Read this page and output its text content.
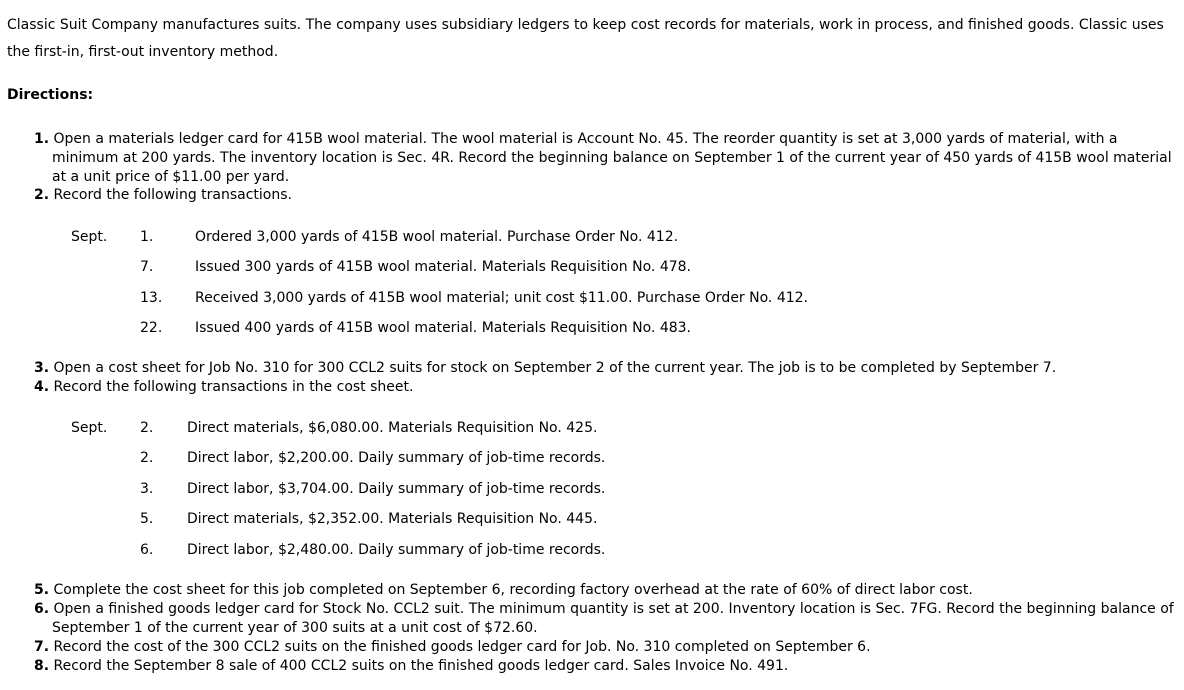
Classic Suit Company manufactures suits. The company uses subsidiary ledgers to keep cost records for materials, work in process, and finished goods. Classic uses the first-in, first-out inventory method.
Directions:
1. Open a materials ledger card for 415B wool material. The wool material is Account No. 45. The reorder quantity is set at 3,000 yards of material, with a minimum at 200 yards. The inventory location is Sec. 4R. Record the beginning balance on September 1 of the current year of 450 yards of 415B wool material at a unit price of $11.00 per yard.
2. Record the following transactions.
Sept.	1.	Ordered 3,000 yards of 415B wool material. Purchase Order No. 412.
	7.	Issued 300 yards of 415B wool material. Materials Requisition No. 478.
	13.	Received 3,000 yards of 415B wool material; unit cost $11.00. Purchase Order No. 412.
	22.	Issued 400 yards of 415B wool material. Materials Requisition No. 483.
3. Open a cost sheet for Job No. 310 for 300 CCL2 suits for stock on September 2 of the current year. The job is to be completed by September 7.
4. Record the following transactions in the cost sheet.
Sept.	2.	Direct materials, $6,080.00. Materials Requisition No. 425.
	2.	Direct labor, $2,200.00. Daily summary of job-time records.
	3.	Direct labor, $3,704.00. Daily summary of job-time records.
	5.	Direct materials, $2,352.00. Materials Requisition No. 445.
	6.	Direct labor, $2,480.00. Daily summary of job-time records.
5. Complete the cost sheet for this job completed on September 6, recording factory overhead at the rate of 60% of direct labor cost.
6. Open a finished goods ledger card for Stock No. CCL2 suit. The minimum quantity is set at 200. Inventory location is Sec. 7FG. Record the beginning balance of September 1 of the current year of 300 suits at a unit cost of $72.60.
7. Record the cost of the 300 CCL2 suits on the finished goods ledger card for Job. No. 310 completed on September 6.
8. Record the September 8 sale of 400 CCL2 suits on the finished goods ledger card. Sales Invoice No. 491.
